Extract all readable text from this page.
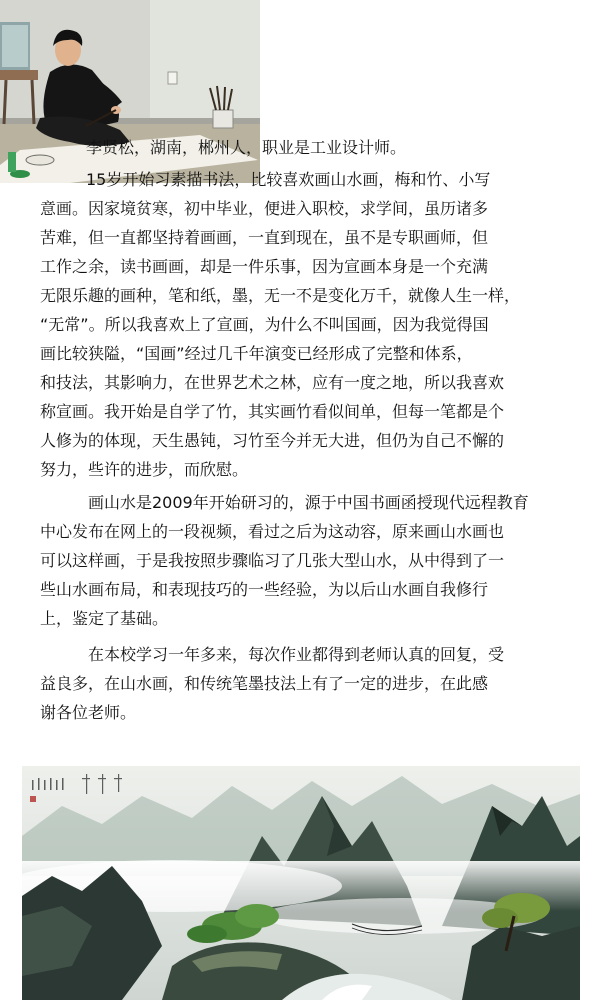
李贤松，湖南，郴州人，职业是工业设计师。
15岁开始习素描书法，比较喜欢画山水画，梅和竹、小写
意画。因家境贫寒，初中毕业，便进入职校，求学间，虽历诸多
苦难，但一直都坚持着画画，一直到现在，虽不是专职画师，但
工作之余，读书画画，却是一件乐事，因为宣画本身是一个充满
无限乐趣的画种，笔和纸，墨，无一不是变化万千，就像人生一样，
“无常”。所以我喜欢上了宣画，为什么不叫国画，因为我觉得国
画比较狭隘，“国画”经过几千年演变已经形成了完整和体系，
和技法，其影响力，在世界艺术之林，应有一度之地，所以我喜欢
称宣画。我开始是自学了竹，其实画竹看似间单，但每一笔都是个
人修为的体现，天生愚钝，习竹至今并无大进，但仍为自己不懈的
努力，些许的进步，而欣慰。
画山水是2009年开始研习的，源于中国书画函授现代远程教育
中心发布在网上的一段视频，看过之后为这动容，原来画山水画也
可以这样画，于是我按照步骤临习了几张大型山水，从中得到了一
些山水画布局，和表现技巧的一些经验，为以后山水画自我修行
上，鉴定了基础。
在本校学习一年多来，每次作业都得到老师认真的回复，受
益良多，在山水画，和传统笔墨技法上有了一定的进步，在此感
谢各位老师。
